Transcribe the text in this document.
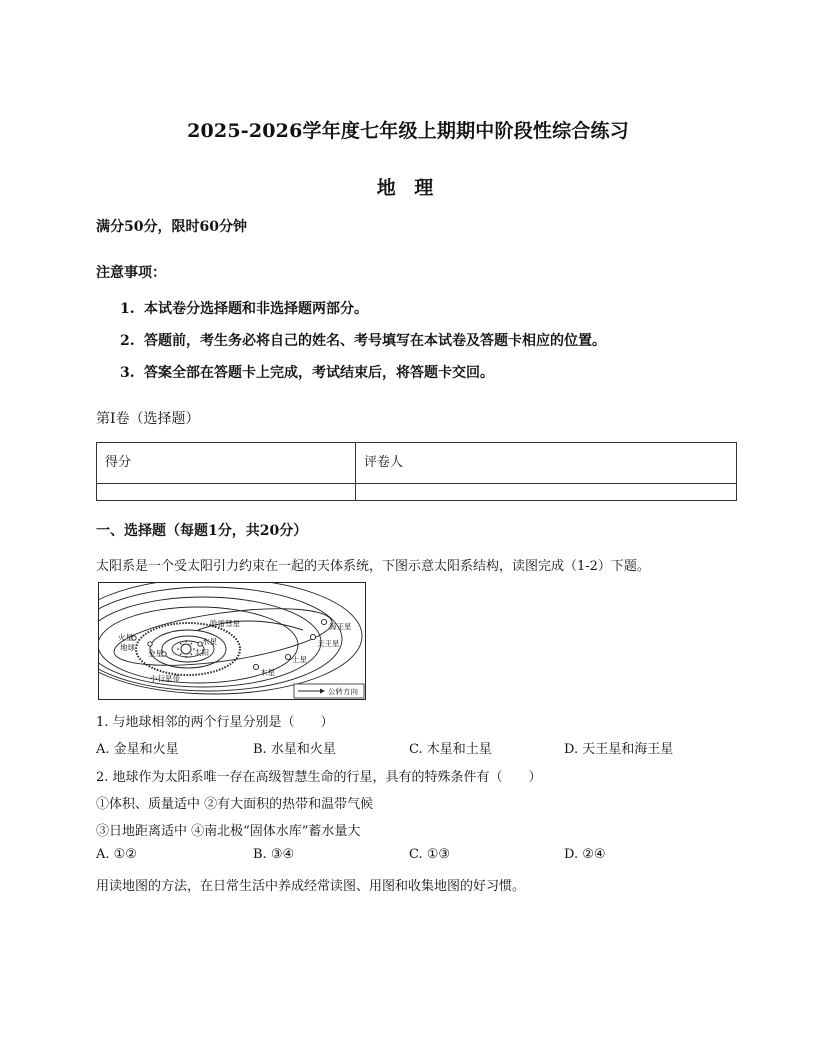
2025-2026学年度七年级上期期中阶段性综合练习
地 理
满分50分，限时60分钟
注意事项：
1. 本试卷分选择题和非选择题两部分。
2. 答题前，考生务必将自己的姓名、考号填写在本试卷及答题卡相应的位置。
3. 答案全部在答题卡上完成，考试结束后，将答题卡交回。
第Ⅰ卷（选择题）
得分	评卷人

一、选择题（每题1分，共20分）
太阳系是一个受太阳引力约束在一起的天体系统，下图示意太阳系结构，读图完成（1-2）下题。
哈雷彗星
火星
地球
金星
水星
太阳
小行星带
木星
土星
天王星
海王星
公转方向
1. 与地球相邻的两个行星分别是（　　）
A. 金星和火星	B. 水星和火星	C. 木星和土星	D. 天王星和海王星
2. 地球作为太阳系唯一存在高级智慧生命的行星，具有的特殊条件有（　　）
①体积、质量适中 ②有大面积的热带和温带气候
③日地距离适中 ④南北极“固体水库”蓄水量大
A. ①②	B. ③④	C. ①③	D. ②④
用读地图的方法，在日常生活中养成经常读图、用图和收集地图的好习惯。
